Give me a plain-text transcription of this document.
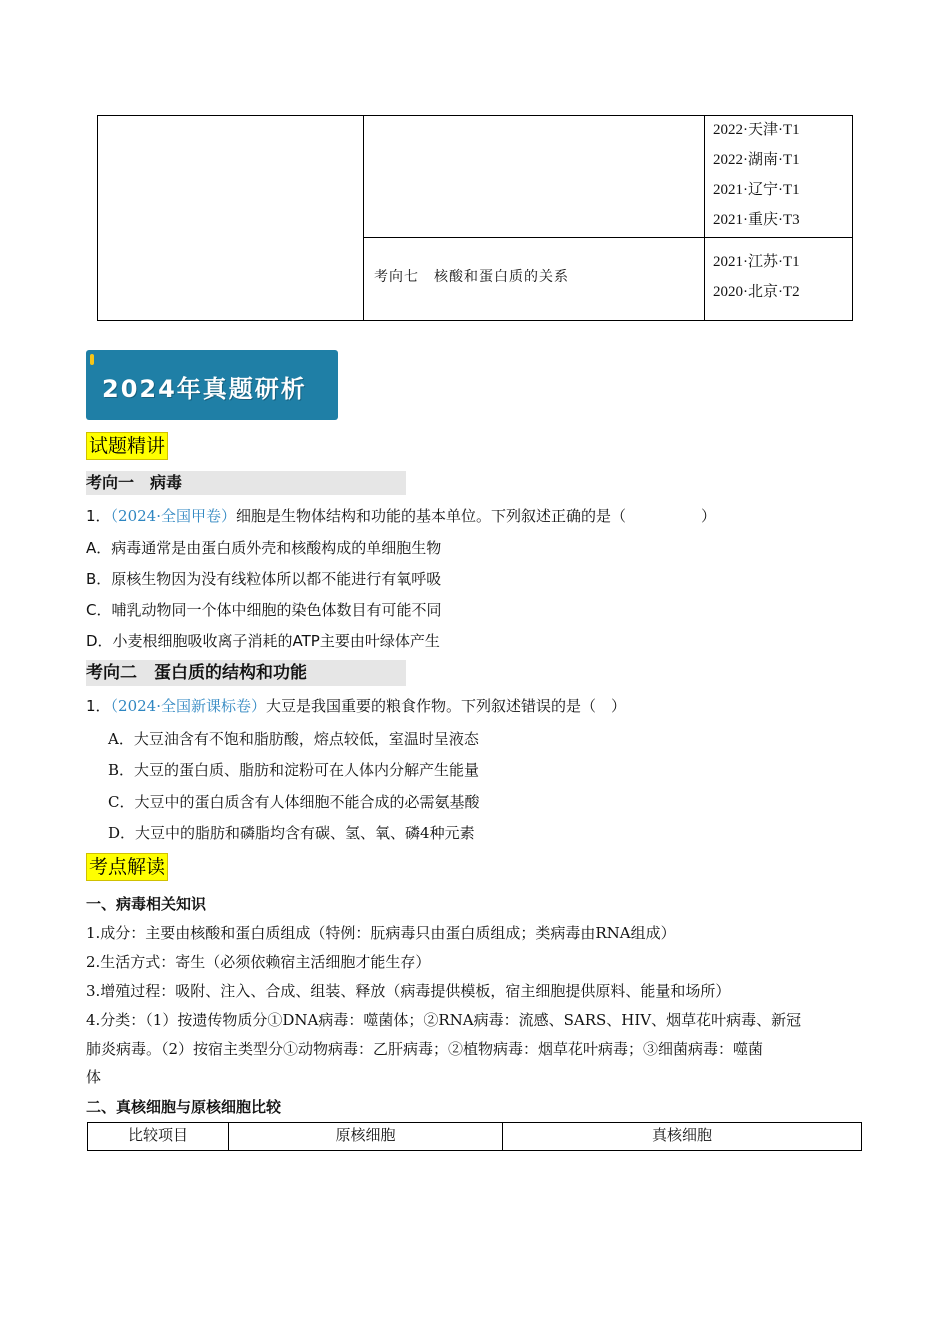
考向七　核酸和蛋白质的关系
2022·天津·T1
2022·湖南·T1
2021·辽宁·T1
2021·重庆·T3
2021·江苏·T1
2020·北京·T2
2024年真题研析
试题精讲
考向一　病毒
1．（2024·全国甲卷）细胞是生物体结构和功能的基本单位。下列叙述正确的是（　　　　　）
A．病毒通常是由蛋白质外壳和核酸构成的单细胞生物
B．原核生物因为没有线粒体所以都不能进行有氧呼吸
C．哺乳动物同一个体中细胞的染色体数目有可能不同
D．小麦根细胞吸收离子消耗的ATP主要由叶绿体产生
考向二　蛋白质的结构和功能
1．（2024·全国新课标卷）大豆是我国重要的粮食作物。下列叙述错误的是（　）
A．大豆油含有不饱和脂肪酸，熔点较低，室温时呈液态
B．大豆的蛋白质、脂肪和淀粉可在人体内分解产生能量
C．大豆中的蛋白质含有人体细胞不能合成的必需氨基酸
D．大豆中的脂肪和磷脂均含有碳、氢、氧、磷4种元素
考点解读
一、病毒相关知识
1.成分：主要由核酸和蛋白质组成（特例：朊病毒只由蛋白质组成；类病毒由RNA组成）
2.生活方式：寄生（必须依赖宿主活细胞才能生存）
3.增殖过程：吸附、注入、合成、组装、释放（病毒提供模板，宿主细胞提供原料、能量和场所）
4.分类：（1）按遗传物质分①DNA病毒：噬菌体；②RNA病毒：流感、SARS、HIV、烟草花叶病毒、新冠
肺炎病毒。（2）按宿主类型分①动物病毒：乙肝病毒；②植物病毒：烟草花叶病毒；③细菌病毒：噬菌
体
二、真核细胞与原核细胞比较
比较项目	原核细胞	真核细胞
